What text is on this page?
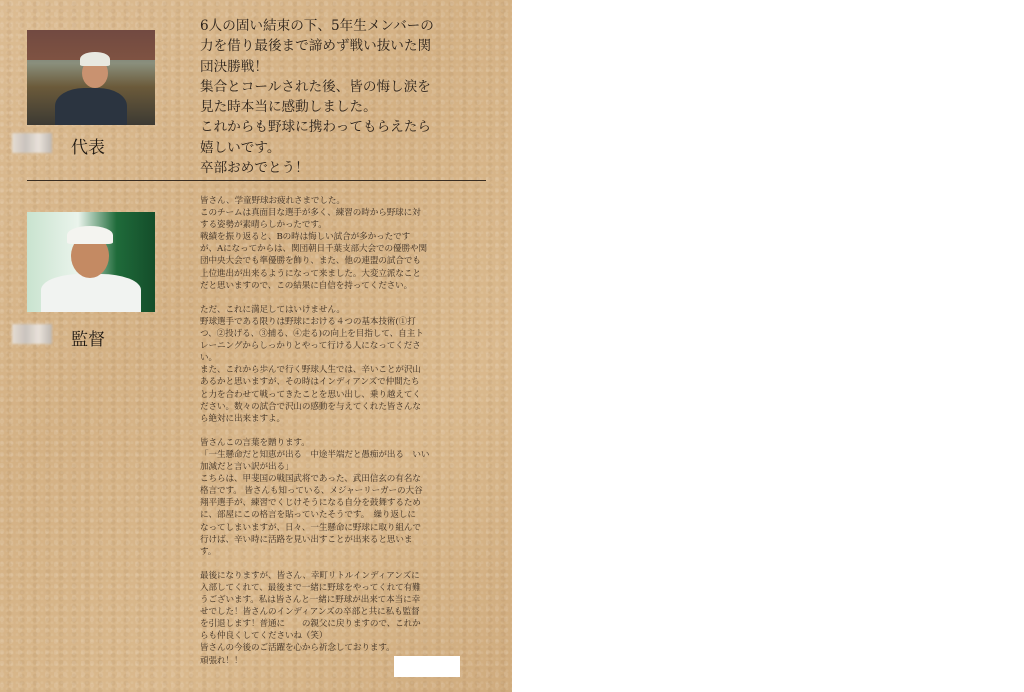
代表

6人の固い結束の下、5年生メンバーの
力を借り最後まで諦めず戦い抜いた関
団決勝戦！
集合とコールされた後、皆の悔し涙を
見た時本当に感動しました。
これからも野球に携わってもらえたら
嬉しいです。
卒部おめでとう！

監督

皆さん、学童野球お疲れさまでした。
このチームは真面目な選手が多く、練習の時から野球に対
する姿勢が素晴らしかったです。
戦績を振り返ると、Bの時は悔しい試合が多かったです
が、Aになってからは、関団朝日千葉支部大会での優勝や関
団中央大会でも準優勝を飾り、また、他の連盟の試合でも
上位進出が出来るようになって来ました。大変立派なこと
だと思いますので、この結果に自信を持ってください。

ただ、これに満足してはいけません。
野球選手である限りは野球における４つの基本技術(①打
つ、②投げる、③捕る、④走る)の向上を目指して、自主ト
レーニングからしっかりとやって行ける人になってくださ
い。
また、これから歩んで行く野球人生では、辛いことが沢山
あるかと思いますが、その時はインディアンズで仲間たち
と力を合わせて戦ってきたことを思い出し、乗り越えてく
ださい。数々の試合で沢山の感動を与えてくれた皆さんな
ら絶対に出来ますよ。

皆さんこの言葉を贈ります。
「一生懸命だと知恵が出る　中途半端だと愚痴が出る　いい
加減だと言い訳が出る」
こちらは、甲斐国の戦国武将であった、武田信玄の有名な
格言です。 皆さんも知っている、メジャーリーガーの大谷
翔平選手が、練習でくじけそうになる自分を鼓舞するため
に、部屋にこの格言を貼っていたそうです。　繰り返しに
なってしまいますが、日々、一生懸命に野球に取り組んで
行けば、辛い時に活路を見い出すことが出来ると思いま
す。

最後になりますが、皆さん、幸町リトルインディアンズに
入部してくれて、最後まで一緒に野球をやってくれて有難
うございます。私は皆さんと一緒に野球が出来て本当に幸
せでした！皆さんのインディアンズの卒部と共に私も監督
を引退します！普通に　　の親父に戻りますので、これか
らも仲良くしてくださいね（笑）
皆さんの今後のご活躍を心から祈念しております。
頑張れ！！
